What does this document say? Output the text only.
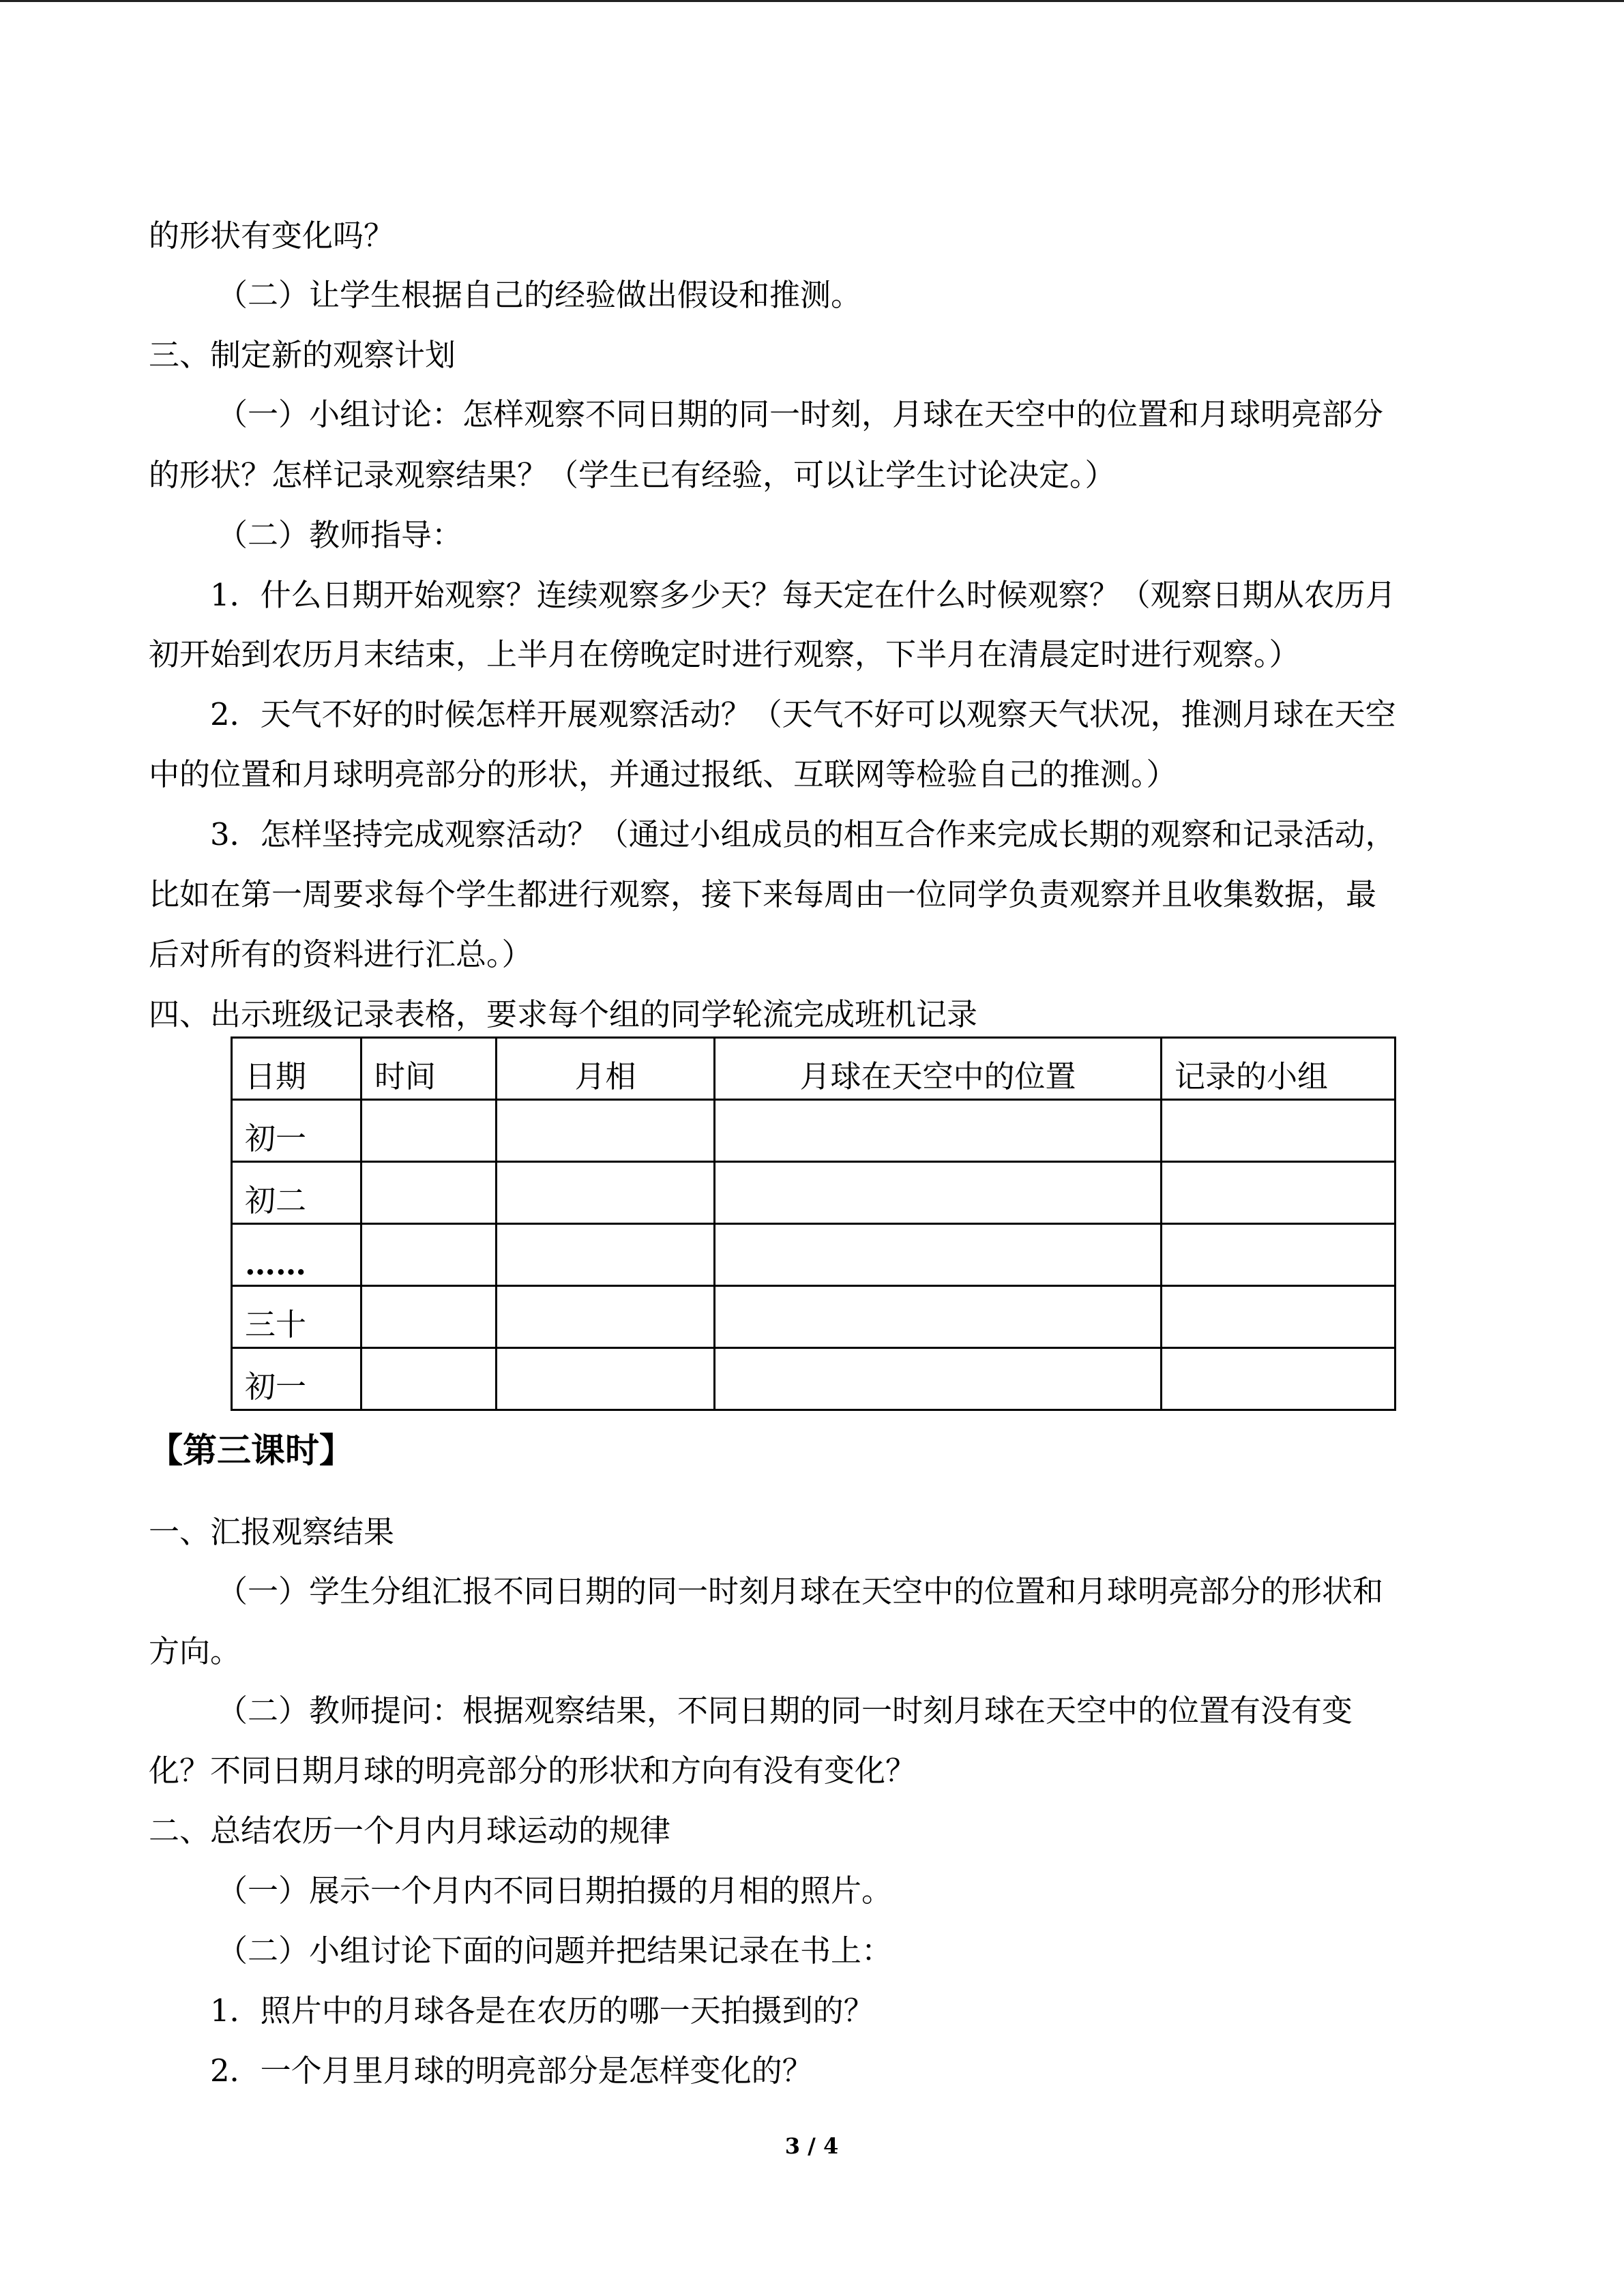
的形状有变化吗？
（二）让学生根据自己的经验做出假设和推测。
三、制定新的观察计划
（一）小组讨论：怎样观察不同日期的同一时刻，月球在天空中的位置和月球明亮部分
的形状？怎样记录观察结果？（学生已有经验，可以让学生讨论决定。）
（二）教师指导：
1．什么日期开始观察？连续观察多少天？每天定在什么时候观察？（观察日期从农历月
初开始到农历月末结束，上半月在傍晚定时进行观察，下半月在清晨定时进行观察。）
2．天气不好的时候怎样开展观察活动？（天气不好可以观察天气状况，推测月球在天空
中的位置和月球明亮部分的形状，并通过报纸、互联网等检验自己的推测。）
3．怎样坚持完成观察活动？（通过小组成员的相互合作来完成长期的观察和记录活动，
比如在第一周要求每个学生都进行观察，接下来每周由一位同学负责观察并且收集数据，最
后对所有的资料进行汇总。）
四、出示班级记录表格，要求每个组的同学轮流完成班机记录
日期	时间	月相	月球在天空中的位置	记录的小组
初一				
初二				
……				
三十				
初一				
【第三课时】
一、汇报观察结果
（一）学生分组汇报不同日期的同一时刻月球在天空中的位置和月球明亮部分的形状和
方向。
（二）教师提问：根据观察结果，不同日期的同一时刻月球在天空中的位置有没有变
化？不同日期月球的明亮部分的形状和方向有没有变化？
二、总结农历一个月内月球运动的规律
（一）展示一个月内不同日期拍摄的月相的照片。
（二）小组讨论下面的问题并把结果记录在书上：
1．照片中的月球各是在农历的哪一天拍摄到的？
2．一个月里月球的明亮部分是怎样变化的？
3 / 4
